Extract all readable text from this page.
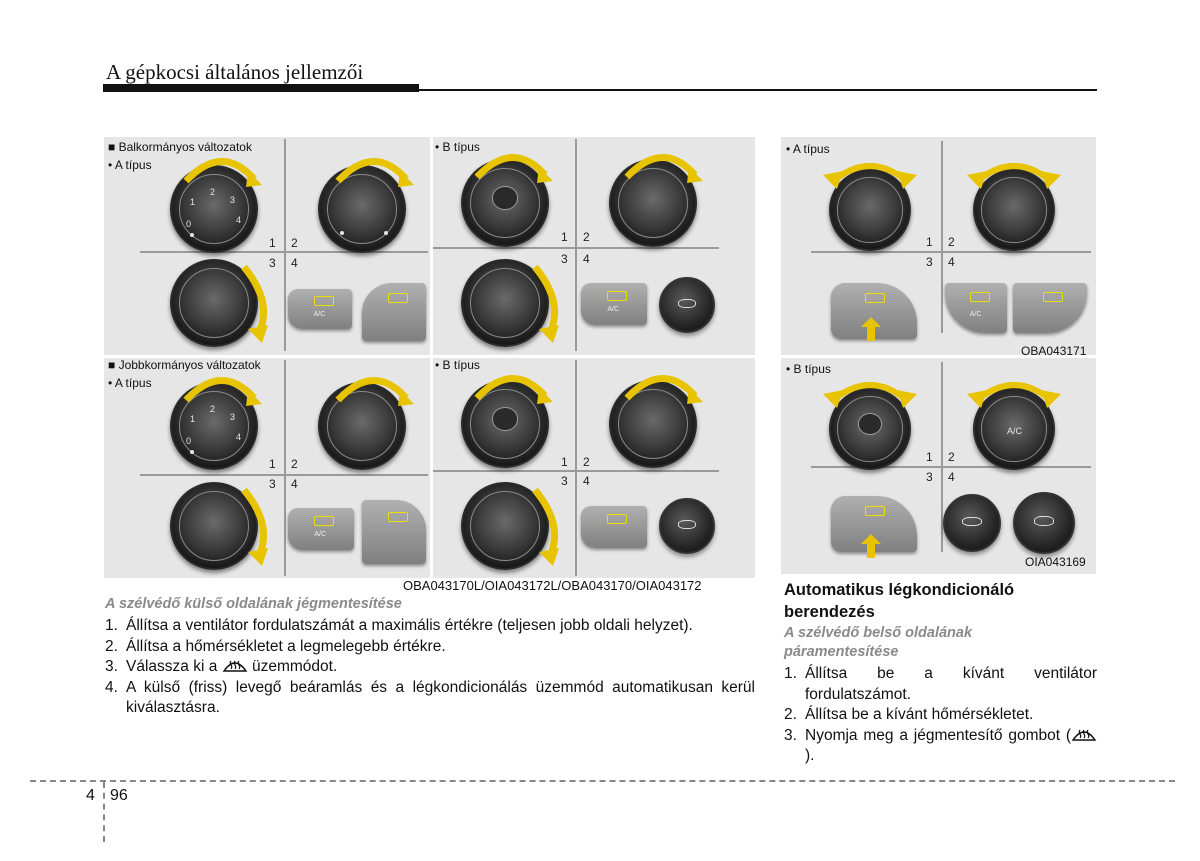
A gépkocsi általános jellemzői
■ Balkormányos változatok
• A típus
1 2
3 4
0
1
2
3
4
A/C
• B típus
1 2
3 4
A/C
■ Jobbkormányos változatok
• A típus
1 2
3 4
0
1
2
3
4
A/C
• B típus
1 2
3 4
OBA043170L/OIA043172L/OBA043170/OIA043172
• A típus
1 2
3 4
A/C
OBA043171
• B típus
1 2
3 4
A/C
OIA043169
A szélvédő külső oldalának jégmentesítése
1. Állítsa a ventilátor fordulatszámát a maximális értékre (teljesen jobb oldali helyzet).
2. Állítsa a hőmérsékletet a legmelegebb értékre.
3. Válassza ki a üzemmódot.
4. A külső (friss) levegő beáramlás és a légkondicionálás üzemmód automatikusan kerül kiválasztásra.
Automatikus légkondicionáló berendezés
A szélvédő belső oldalának páramentesítése
1. Állítsa be a kívánt ventilátor fordulatszámot.
2. Állítsa be a kívánt hőmérsékletet.
3. Nyomja meg a jégmentesítő gombot ().
4 96
